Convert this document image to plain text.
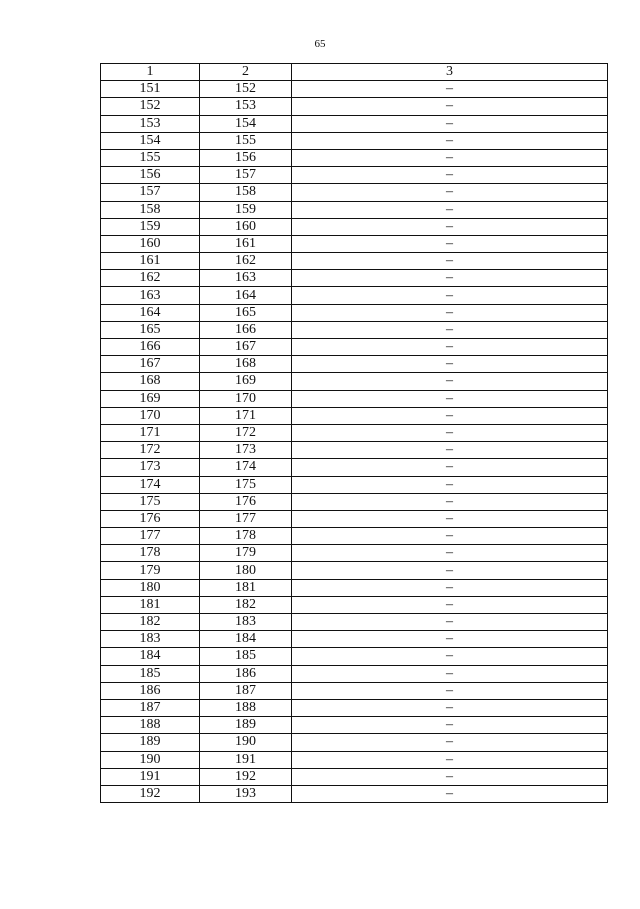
65
1	2	3
151	152	–
152	153	–
153	154	–
154	155	–
155	156	–
156	157	–
157	158	–
158	159	–
159	160	–
160	161	–
161	162	–
162	163	–
163	164	–
164	165	–
165	166	–
166	167	–
167	168	–
168	169	–
169	170	–
170	171	–
171	172	–
172	173	–
173	174	–
174	175	–
175	176	–
176	177	–
177	178	–
178	179	–
179	180	–
180	181	–
181	182	–
182	183	–
183	184	–
184	185	–
185	186	–
186	187	–
187	188	–
188	189	–
189	190	–
190	191	–
191	192	–
192	193	–
